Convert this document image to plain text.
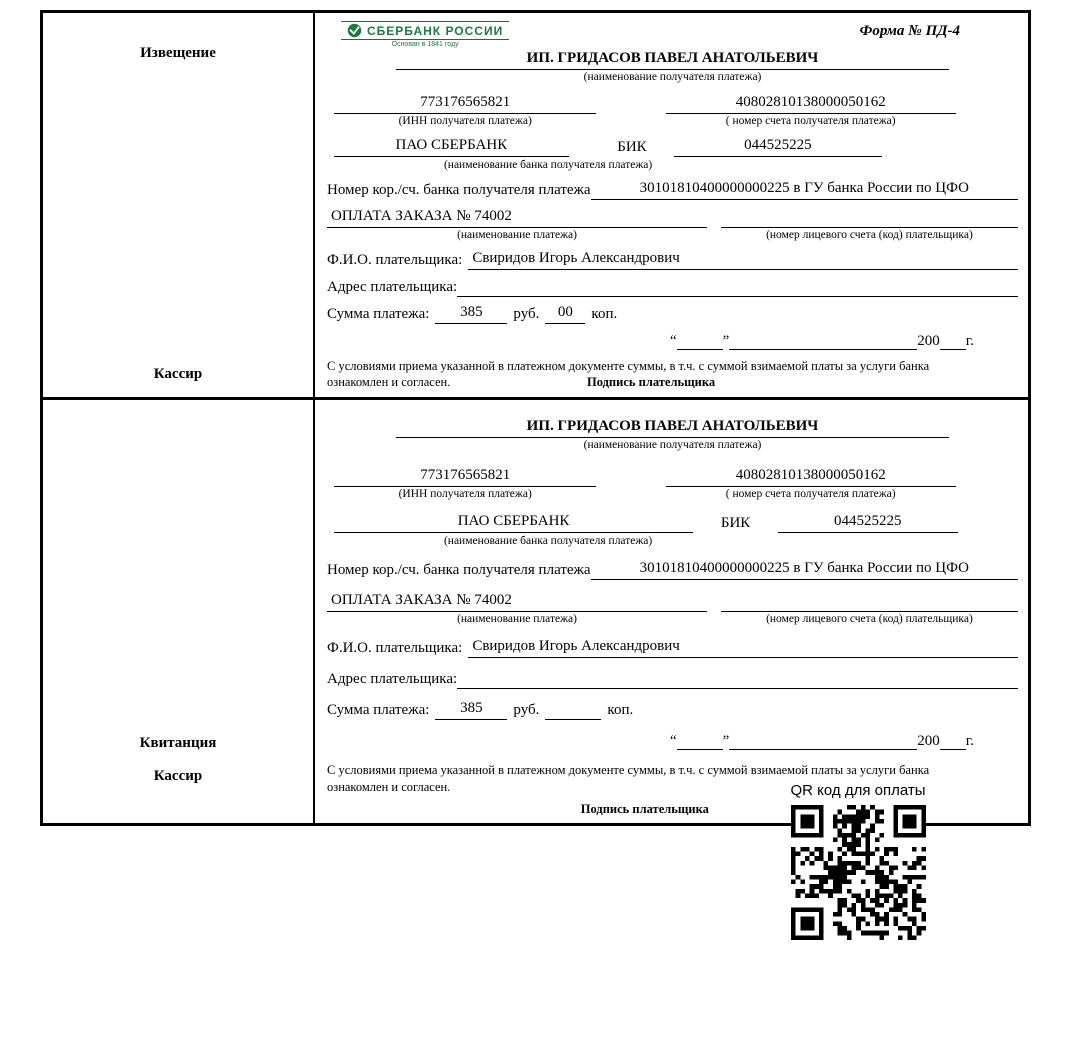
Извещение
Кассир
СБЕРБАНК РОССИИ
Основан в 1841 году
Форма № ПД-4
ИП. ГРИДАСОВ ПАВЕЛ АНАТОЛЬЕВИЧ
(наименование получателя платежа)
773176565821
(ИНН получателя платежа)
40802810138000050162
( номер счета получателя платежа)
ПАО СБЕРБАНК	БИК	044525225
(наименование банка получателя платежа)
Номер кор./сч. банка получателя платежа	30101810400000000225 в ГУ банка России по ЦФО
ОПЛАТА ЗАКАЗА № 74002
(наименование платежа)	(номер лицевого счета (код) плательщика)
Ф.И.О. плательщика: Свиридов Игорь Александрович
Адрес плательщика:
Сумма платежа:	385	руб.	00	коп.
“	”	200 г.
С условиями приема указанной в платежном документе суммы, в т.ч. с суммой взимаемой платы за услуги банка ознакомлен и согласен.	Подпись плательщика
Квитанция
Кассир
ИП. ГРИДАСОВ ПАВЕЛ АНАТОЛЬЕВИЧ
(наименование получателя платежа)
773176565821
(ИНН получателя платежа)
40802810138000050162
( номер счета получателя платежа)
ПАО СБЕРБАНК	БИК	044525225
(наименование банка получателя платежа)
Номер кор./сч. банка получателя платежа	30101810400000000225 в ГУ банка России по ЦФО
ОПЛАТА ЗАКАЗА № 74002
(наименование платежа)	(номер лицевого счета (код) плательщика)
Ф.И.О. плательщика: Свиридов Игорь Александрович
Адрес плательщика:
Сумма платежа:	385	руб.	коп.
“	”	200 г.
С условиями приема указанной в платежном документе суммы, в т.ч. с суммой взимаемой платы за услуги банка ознакомлен и согласен.
Подпись плательщика
QR код для оплаты
